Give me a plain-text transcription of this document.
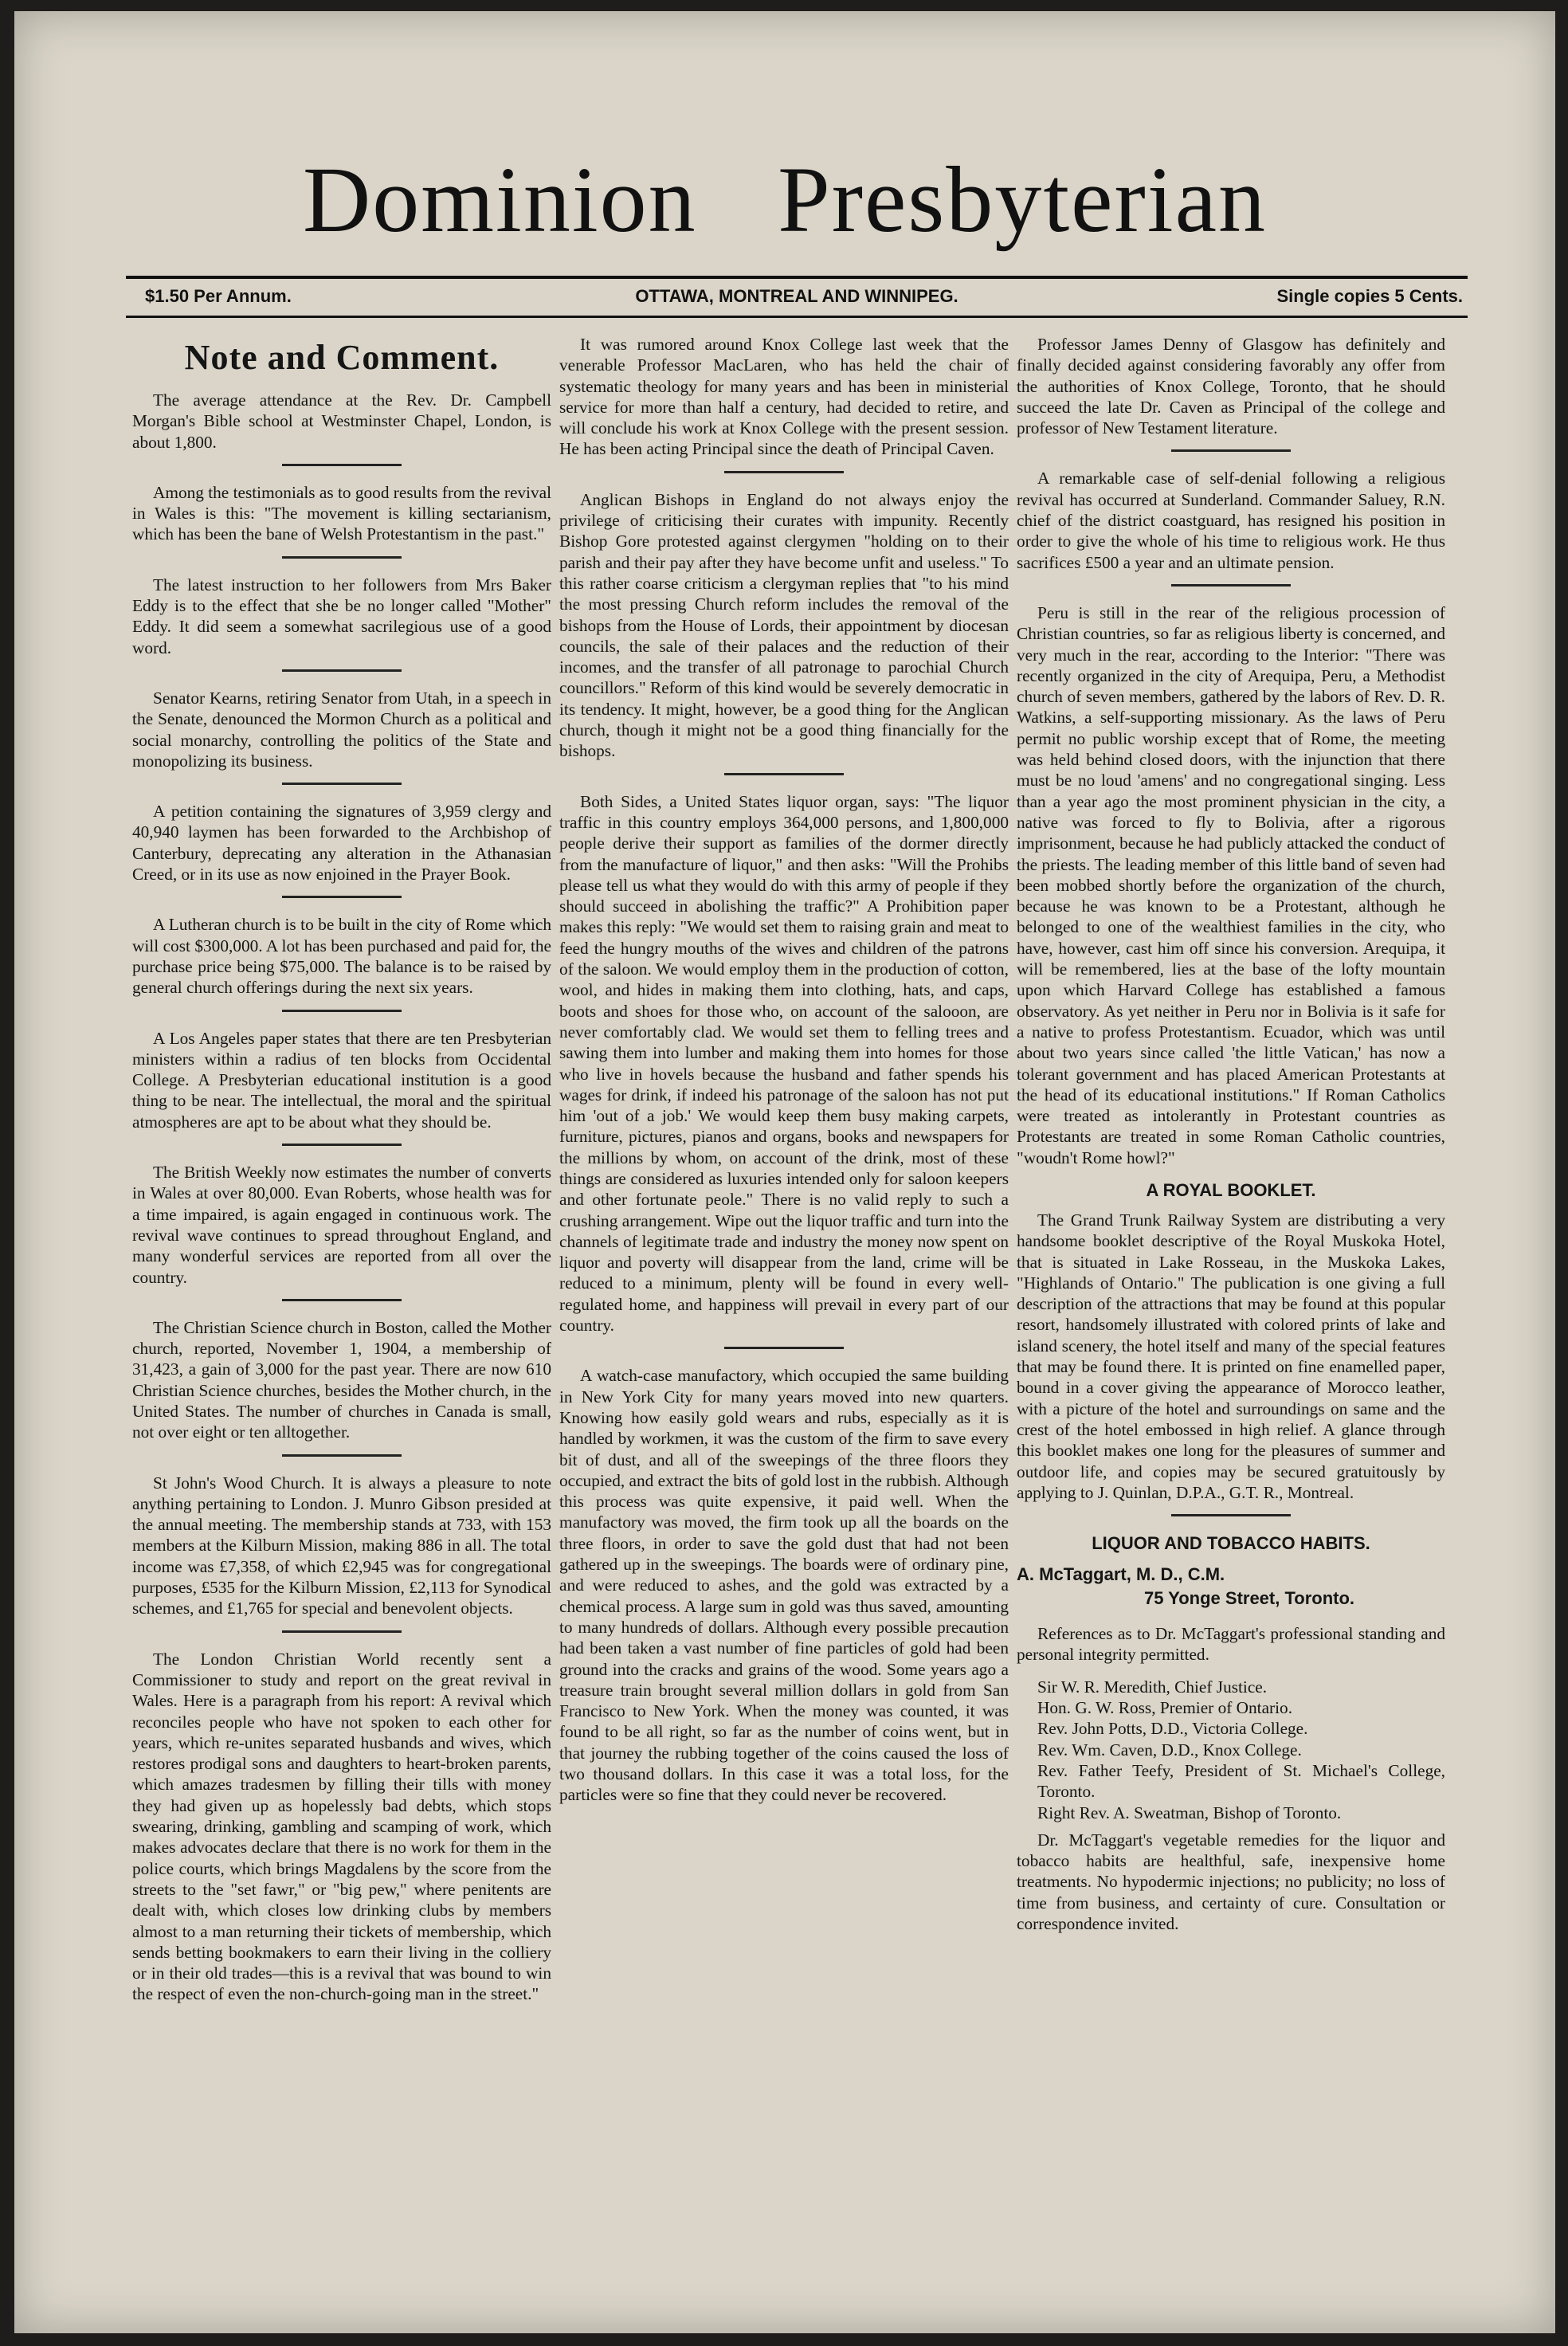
Dominion Presbyterian
$1.50 Per Annum.	OTTAWA, MONTREAL AND WINNIPEG.	Single copies 5 Cents.
Note and Comment.

The average attendance at the Rev. Dr. Campbell Morgan's Bible school at Westminster Chapel, London, is about 1,800.

Among the testimonials as to good results from the revival in Wales is this: "The movement is killing sectarianism, which has been the bane of Welsh Protestantism in the past."

The latest instruction to her followers from Mrs Baker Eddy is to the effect that she be no longer called "Mother" Eddy. It did seem a somewhat sacrilegious use of a good word.

Senator Kearns, retiring Senator from Utah, in a speech in the Senate, denounced the Mormon Church as a political and social monarchy, controlling the politics of the State and monopolizing its business.

A petition containing the signatures of 3,959 clergy and 40,940 laymen has been forwarded to the Archbishop of Canterbury, deprecating any alteration in the Athanasian Creed, or in its use as now enjoined in the Prayer Book.

A Lutheran church is to be built in the city of Rome which will cost $300,000. A lot has been purchased and paid for, the purchase price being $75,000. The balance is to be raised by general church offerings during the next six years.

A Los Angeles paper states that there are ten Presbyterian ministers within a radius of ten blocks from Occidental College. A Presbyterian educational institution is a good thing to be near. The intellectual, the moral and the spiritual atmospheres are apt to be about what they should be.

The British Weekly now estimates the number of converts in Wales at over 80,000. Evan Roberts, whose health was for a time impaired, is again engaged in continuous work. The revival wave continues to spread throughout England, and many wonderful services are reported from all over the country.

The Christian Science church in Boston, called the Mother church, reported, November 1, 1904, a membership of 31,423, a gain of 3,000 for the past year. There are now 610 Christian Science churches, besides the Mother church, in the United States. The number of churches in Canada is small, not over eight or ten alltogether.

St John's Wood Church. It is always a pleasure to note anything pertaining to London. J. Munro Gibson presided at the annual meeting. The membership stands at 733, with 153 members at the Kilburn Mission, making 886 in all. The total income was £7,358, of which £2,945 was for congregational purposes, £535 for the Kilburn Mission, £2,113 for Synodical schemes, and £1,765 for special and benevolent objects.

The London Christian World recently sent a Commissioner to study and report on the great revival in Wales. Here is a paragraph from his report: A revival which reconciles people who have not spoken to each other for years, which re-unites separated husbands and wives, which restores prodigal sons and daughters to heart-broken parents, which amazes tradesmen by filling their tills with money they had given up as hopelessly bad debts, which stops swearing, drinking, gambling and scamping of work, which makes advocates declare that there is no work for them in the police courts, which brings Magdalens by the score from the streets to the "set fawr," or "big pew," where penitents are dealt with, which closes low drinking clubs by members almost to a man returning their tickets of membership, which sends betting bookmakers to earn their living in the colliery or in their old trades—this is a revival that was bound to win the respect of even the non-church-going man in the street."

It was rumored around Knox College last week that the venerable Professor MacLaren, who has held the chair of systematic theology for many years and has been in ministerial service for more than half a century, had decided to retire, and will conclude his work at Knox College with the present session. He has been acting Principal since the death of Principal Caven.

Anglican Bishops in England do not always enjoy the privilege of criticising their curates with impunity. Recently Bishop Gore protested against clergymen "holding on to their parish and their pay after they have become unfit and useless." To this rather coarse criticism a clergyman replies that "to his mind the most pressing Church reform includes the removal of the bishops from the House of Lords, their appointment by diocesan councils, the sale of their palaces and the reduction of their incomes, and the transfer of all patronage to parochial Church councillors." Reform of this kind would be severely democratic in its tendency. It might, however, be a good thing for the Anglican church, though it might not be a good thing financially for the bishops.

Both Sides, a United States liquor organ, says: "The liquor traffic in this country employs 364,000 persons, and 1,800,000 people derive their support as families of the dormer directly from the manufacture of liquor," and then asks: "Will the Prohibs please tell us what they would do with this army of people if they should succeed in abolishing the traffic?" A Prohibition paper makes this reply: "We would set them to raising grain and meat to feed the hungry mouths of the wives and children of the patrons of the saloon. We would employ them in the production of cotton, wool, and hides in making them into clothing, hats, and caps, boots and shoes for those who, on account of the salooon, are never comfortably clad. We would set them to felling trees and sawing them into lumber and making them into homes for those who live in hovels because the husband and father spends his wages for drink, if indeed his patronage of the saloon has not put him 'out of a job.' We would keep them busy making carpets, furniture, pictures, pianos and organs, books and newspapers for the millions by whom, on account of the drink, most of these things are considered as luxuries intended only for saloon keepers and other fortunate peole." There is no valid reply to such a crushing arrangement. Wipe out the liquor traffic and turn into the channels of legitimate trade and industry the money now spent on liquor and poverty will disappear from the land, crime will be reduced to a minimum, plenty will be found in every well-regulated home, and happiness will prevail in every part of our country.

A watch-case manufactory, which occupied the same building in New York City for many years moved into new quarters. Knowing how easily gold wears and rubs, especially as it is handled by workmen, it was the custom of the firm to save every bit of dust, and all of the sweepings of the three floors they occupied, and extract the bits of gold lost in the rubbish. Although this process was quite expensive, it paid well. When the manufactory was moved, the firm took up all the boards on the three floors, in order to save the gold dust that had not been gathered up in the sweepings. The boards were of ordinary pine, and were reduced to ashes, and the gold was extracted by a chemical process. A large sum in gold was thus saved, amounting to many hundreds of dollars. Although every possible precaution had been taken a vast number of fine particles of gold had been ground into the cracks and grains of the wood. Some years ago a treasure train brought several million dollars in gold from San Francisco to New York. When the money was counted, it was found to be all right, so far as the number of coins went, but in that journey the rubbing together of the coins caused the loss of two thousand dollars. In this case it was a total loss, for the particles were so fine that they could never be recovered.

Professor James Denny of Glasgow has definitely and finally decided against considering favorably any offer from the authorities of Knox College, Toronto, that he should succeed the late Dr. Caven as Principal of the college and professor of New Testament literature.

A remarkable case of self-denial following a religious revival has occurred at Sunderland. Commander Saluey, R.N. chief of the district coastguard, has resigned his position in order to give the whole of his time to religious work. He thus sacrifices £500 a year and an ultimate pension.

Peru is still in the rear of the religious procession of Christian countries, so far as religious liberty is concerned, and very much in the rear, according to the Interior: "There was recently organized in the city of Arequipa, Peru, a Methodist church of seven members, gathered by the labors of Rev. D. R. Watkins, a self-supporting missionary. As the laws of Peru permit no public worship except that of Rome, the meeting was held behind closed doors, with the injunction that there must be no loud 'amens' and no congregational singing. Less than a year ago the most prominent physician in the city, a native was forced to fly to Bolivia, after a rigorous imprisonment, because he had publicly attacked the conduct of the priests. The leading member of this little band of seven had been mobbed shortly before the organization of the church, because he was known to be a Protestant, although he belonged to one of the wealthiest families in the city, who have, however, cast him off since his conversion. Arequipa, it will be remembered, lies at the base of the lofty mountain upon which Harvard College has established a famous observatory. As yet neither in Peru nor in Bolivia is it safe for a native to profess Protestantism. Ecuador, which was until about two years since called 'the little Vatican,' has now a tolerant government and has placed American Protestants at the head of its educational institutions." If Roman Catholics were treated as intolerantly in Protestant countries as Protestants are treated in some Roman Catholic countries, "woudn't Rome howl?"

A ROYAL BOOKLET.

The Grand Trunk Railway System are distributing a very handsome booklet descriptive of the Royal Muskoka Hotel, that is situated in Lake Rosseau, in the Muskoka Lakes, "Highlands of Ontario." The publication is one giving a full description of the attractions that may be found at this popular resort, handsomely illustrated with colored prints of lake and island scenery, the hotel itself and many of the special features that may be found there. It is printed on fine enamelled paper, bound in a cover giving the appearance of Morocco leather, with a picture of the hotel and surroundings on same and the crest of the hotel embossed in high relief. A glance through this booklet makes one long for the pleasures of summer and outdoor life, and copies may be secured gratuitously by applying to J. Quinlan, D.P.A., G.T. R., Montreal.

LIQUOR AND TOBACCO HABITS.
A. McTaggart, M. D., C.M.
75 Yonge Street, Toronto.

References as to Dr. McTaggart's professional standing and personal integrity permitted.

Sir W. R. Meredith, Chief Justice.
Hon. G. W. Ross, Premier of Ontario.
Rev. John Potts, D.D., Victoria College.
Rev. Wm. Caven, D.D., Knox College.
Rev. Father Teefy, President of St. Michael's College, Toronto.
Right Rev. A. Sweatman, Bishop of Toronto.

Dr. McTaggart's vegetable remedies for the liquor and tobacco habits are healthful, safe, inexpensive home treatments. No hypodermic injections; no publicity; no loss of time from business, and certainty of cure. Consultation or correspondence invited.
